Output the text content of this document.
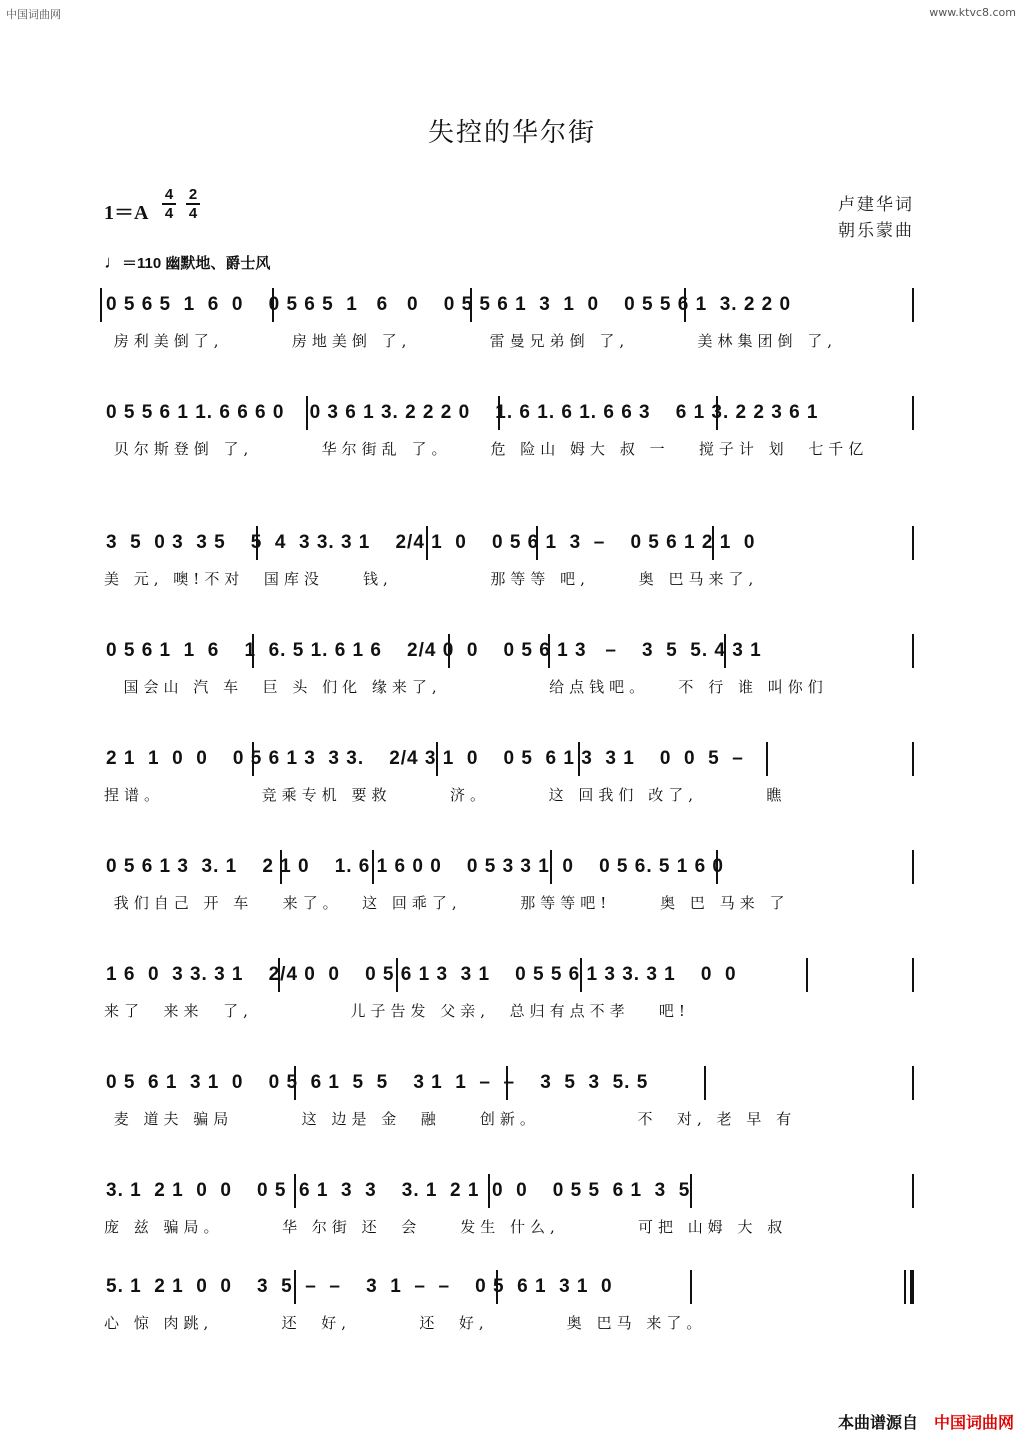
中国词曲网	www.ktvc8.com
失控的华尔街
$1=A \frac{4}{4} \frac{2}{4}$	卢建华词
朝乐蒙曲
♩＝110 幽默地、爵士风
0 5 6 5  1  6  0    0 5 6 5  1   6   0    0 5 5 6 1  3  1  0    0 5 5 6 1  3. 2 2 0
房利美倒了,       房地美倒 了,        雷曼兄弟倒 了,       美林集团倒 了,
0 5 5 6 1 1. 6 6 6 0    0 3 6 1 3. 2 2 2 0    1. 6 1. 6 1. 6 6 3    6 1 3. 2 2 3 6 1
贝尔斯登倒 了,       华尔街乱 了。    危 险山 姆大 叔 一   搅子计 划  七千亿
3  5  0 3  3 5    5  4  3 3. 3 1    2/4 1  0    0 5 6 1  3  –    0 5 6 1 2 1  0
美 元, 噢!不对  国库没    钱,          那等等 吧,     奥 巴马来了,
0 5 6 1  1  6    1  6. 5 1. 6 1 6    2/4 0  0    0 5 6 1 3   –    3  5  5. 4 3 1
国会山 汽 车  巨 头 们化 缘来了,           给点钱吧。   不 行 谁 叫你们
2 1  1  0  0    0 5 6 1 3  3 3.    2/4 3 1  0    0 5  6 1 3  3 1    0  0  5  –
捏谱。          竞乘专机 要救      济。      这 回我们 改了,       瞧
0 5 6 1 3  3. 1    2 1 0    1. 6 1 6 0 0    0 5 3 3 1  0    0 5 6. 5 1 6 0
我们自己 开 车   来了。  这 回乖了,      那等等吧!     奥 巴 马来 了
1 6  0  3 3. 3 1    2/4 0  0    0 5 6 1 3  3 1    0 5 5 6 1 3 3. 3 1    0  0
来了  来来  了,          儿子告发 父亲,  总归有点不孝   吧!
0 5  6 1  3 1  0    0 5  6 1  5  5    3 1  1  –  –    3  5  3  5. 5
麦 道夫 骗局       这 边是 金  融    创新。          不  对, 老 早 有
3. 1  2 1  0  0    0 5  6 1  3  3    3. 1  2 1  0  0    0 5 5  6 1  3  5
庞 兹 骗局。      华 尔街 还  会    发生 什么,        可把 山姆 大 叔
5. 1  2 1  0  0    3  5  –  –    3  1  –  –    0 5  6 1  3 1  0
心 惊 肉跳,       还  好,       还  好,        奥 巴马 来了。
本曲谱源自 中国词曲网
